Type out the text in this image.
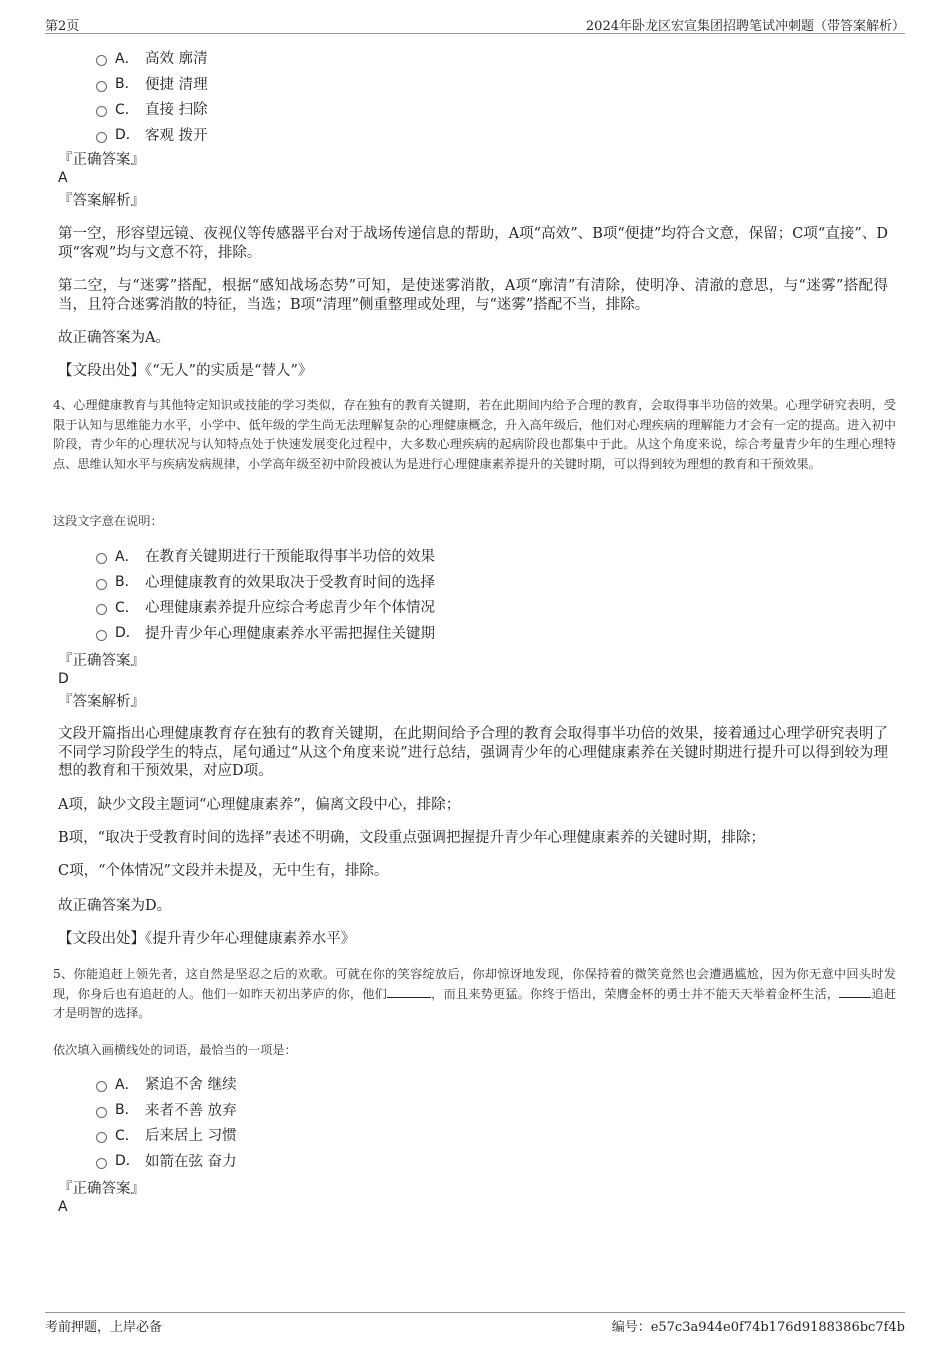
第2页	2024年卧龙区宏宣集团招聘笔试冲刺题（带答案解析）
A． 高效 廓清
B． 便捷 清理
C． 直接 扫除
D． 客观 拨开
『正确答案』
A
『答案解析』
第一空，形容望远镜、夜视仪等传感器平台对于战场传递信息的帮助，A项“高效”、B项“便捷”均符合文意，保留；C项“直接”、D项“客观”均与文意不符，排除。
第二空，与“迷雾”搭配，根据“感知战场态势”可知，是使迷雾消散，A项“廓清”有清除，使明净、清澈的意思，与“迷雾”搭配得当，且符合迷雾消散的特征，当选；B项“清理”侧重整理或处理，与“迷雾”搭配不当，排除。
故正确答案为A。
【文段出处】《“无人”的实质是“替人”》
4、心理健康教育与其他特定知识或技能的学习类似，存在独有的教育关键期，若在此期间内给予合理的教育，会取得事半功倍的效果。心理学研究表明，受限于认知与思维能力水平，小学中、低年级的学生尚无法理解复杂的心理健康概念，升入高年级后，他们对心理疾病的理解能力才会有一定的提高。进入初中阶段，青少年的心理状况与认知特点处于快速发展变化过程中，大多数心理疾病的起病阶段也都集中于此。从这个角度来说，综合考量青少年的生理心理特点、思维认知水平与疾病发病规律，小学高年级至初中阶段被认为是进行心理健康素养提升的关键时期，可以得到较为理想的教育和干预效果。
这段文字意在说明：
A． 在教育关键期进行干预能取得事半功倍的效果
B． 心理健康教育的效果取决于受教育时间的选择
C． 心理健康素养提升应综合考虑青少年个体情况
D． 提升青少年心理健康素养水平需把握住关键期
『正确答案』
D
『答案解析』
文段开篇指出心理健康教育存在独有的教育关键期，在此期间给予合理的教育会取得事半功倍的效果，接着通过心理学研究表明了不同学习阶段学生的特点，尾句通过“从这个角度来说”进行总结，强调青少年的心理健康素养在关键时期进行提升可以得到较为理想的教育和干预效果，对应D项。
A项，缺少文段主题词“心理健康素养”，偏离文段中心，排除；
B项，“取决于受教育时间的选择”表述不明确，文段重点强调把握提升青少年心理健康素养的关键时期，排除；
C项，“个体情况”文段并未提及，无中生有，排除。
故正确答案为D。
【文段出处】《提升青少年心理健康素养水平》
5、你能追赶上领先者，这自然是坚忍之后的欢歌。可就在你的笑容绽放后，你却惊讶地发现，你保持着的微笑竟然也会遭遇尴尬，因为你无意中回头时发现，你身后也有追赶的人。他们一如昨天初出茅庐的你，他们	，而且来势更猛。你终于悟出，荣膺金杯的勇士并不能天天举着金杯生活，	追赶才是明智的选择。
依次填入画横线处的词语，最恰当的一项是：
A． 紧追不舍 继续
B． 来者不善 放弃
C． 后来居上 习惯
D． 如箭在弦 奋力
『正确答案』
A
考前押题，上岸必备	编号：e57c3a944e0f74b176d9188386bc7f4b
